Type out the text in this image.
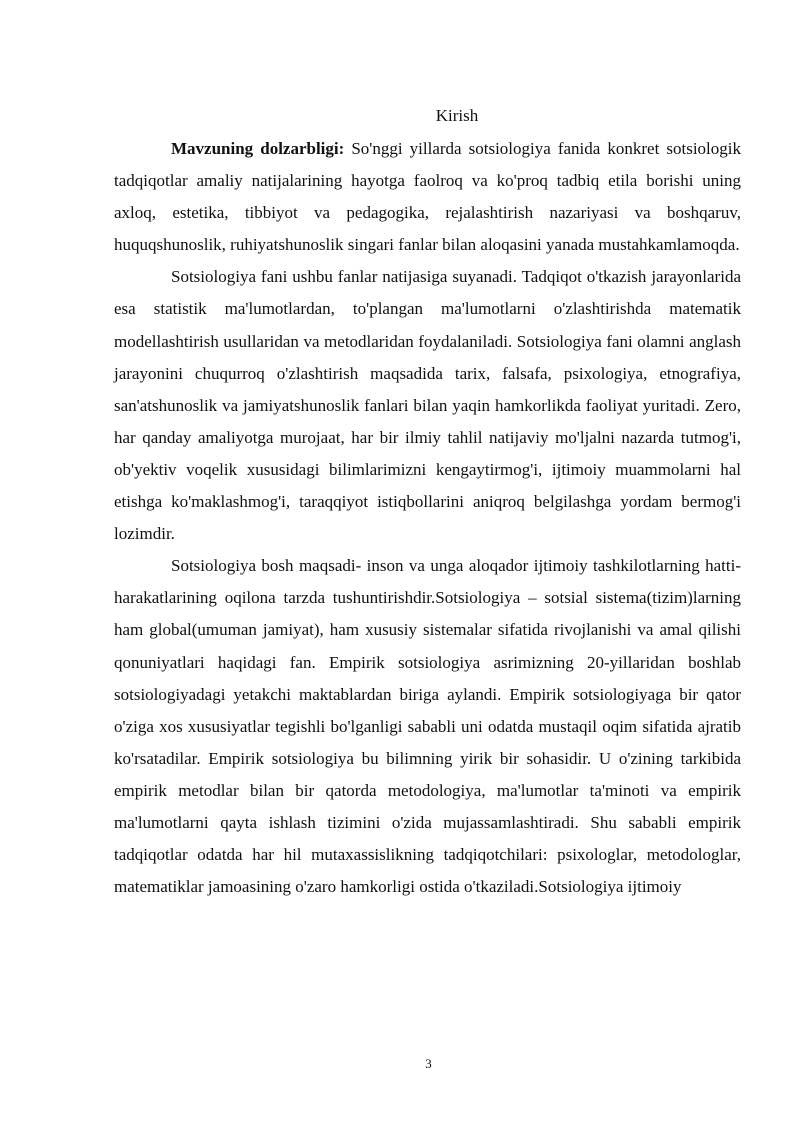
Kirish

Mavzuning dolzarbligi: So'nggi yillarda sotsiologiya fanida konkret sotsiologik tadqiqotlar amaliy natijalarining hayotga faolroq va ko'proq tadbiq etila borishi uning axloq, estetika, tibbiyot va pedagogika, rejalashtirish nazariyasi va boshqaruv, huquqshunoslik, ruhiyatshunoslik singari fanlar bilan aloqasini yanada mustahkamlamoqda.

Sotsiologiya fani ushbu fanlar natijasiga suyanadi. Tadqiqot o'tkazish jarayonlarida esa statistik ma'lumotlardan, to'plangan ma'lumotlarni o'zlashtirishda matematik modellashtirish usullaridan va metodlaridan foydalaniladi. Sotsiologiya fani olamni anglash jarayonini chuqurroq o'zlashtirish maqsadida tarix, falsafa, psixologiya, etnografiya, san'atshunoslik va jamiyatshunoslik fanlari bilan yaqin hamkorlikda faoliyat yuritadi. Zero, har qanday amaliyotga murojaat, har bir ilmiy tahlil natijaviy mo'ljalni nazarda tutmog'i, ob'yektiv voqelik xususidagi bilimlarimizni kengaytirmog'i, ijtimoiy muammolarni hal etishga ko'maklashmog'i, taraqqiyot istiqbollarini aniqroq belgilashga yordam bermog'i lozimdir.

Sotsiologiya bosh maqsadi- inson va unga aloqador ijtimoiy tashkilotlarning hatti-harakatlarining oqilona tarzda tushuntirishdir.Sotsiologiya – sotsial sistema(tizim)larning ham global(umuman jamiyat), ham xususiy sistemalar sifatida rivojlanishi va amal qilishi qonuniyatlari haqidagi fan. Empirik sotsiologiya asrimizning 20-yillaridan boshlab sotsiologiyadagi yetakchi maktablardan biriga aylandi. Empirik sotsiologiyaga bir qator o'ziga xos xususiyatlar tegishli bo'lganligi sababli uni odatda mustaqil oqim sifatida ajratib ko'rsatadilar. Empirik sotsiologiya bu bilimning yirik bir sohasidir. U o'zining tarkibida empirik metodlar bilan bir qatorda metodologiya, ma'lumotlar ta'minoti va empirik ma'lumotlarni qayta ishlash tizimini o'zida mujassamlashtiradi. Shu sababli empirik tadqiqotlar odatda har hil mutaxassislikning tadqiqotchilari: psixologlar, metodologlar, matematiklar jamoasining o'zaro hamkorligi ostida o'tkaziladi.Sotsiologiya ijtimoiy

3
